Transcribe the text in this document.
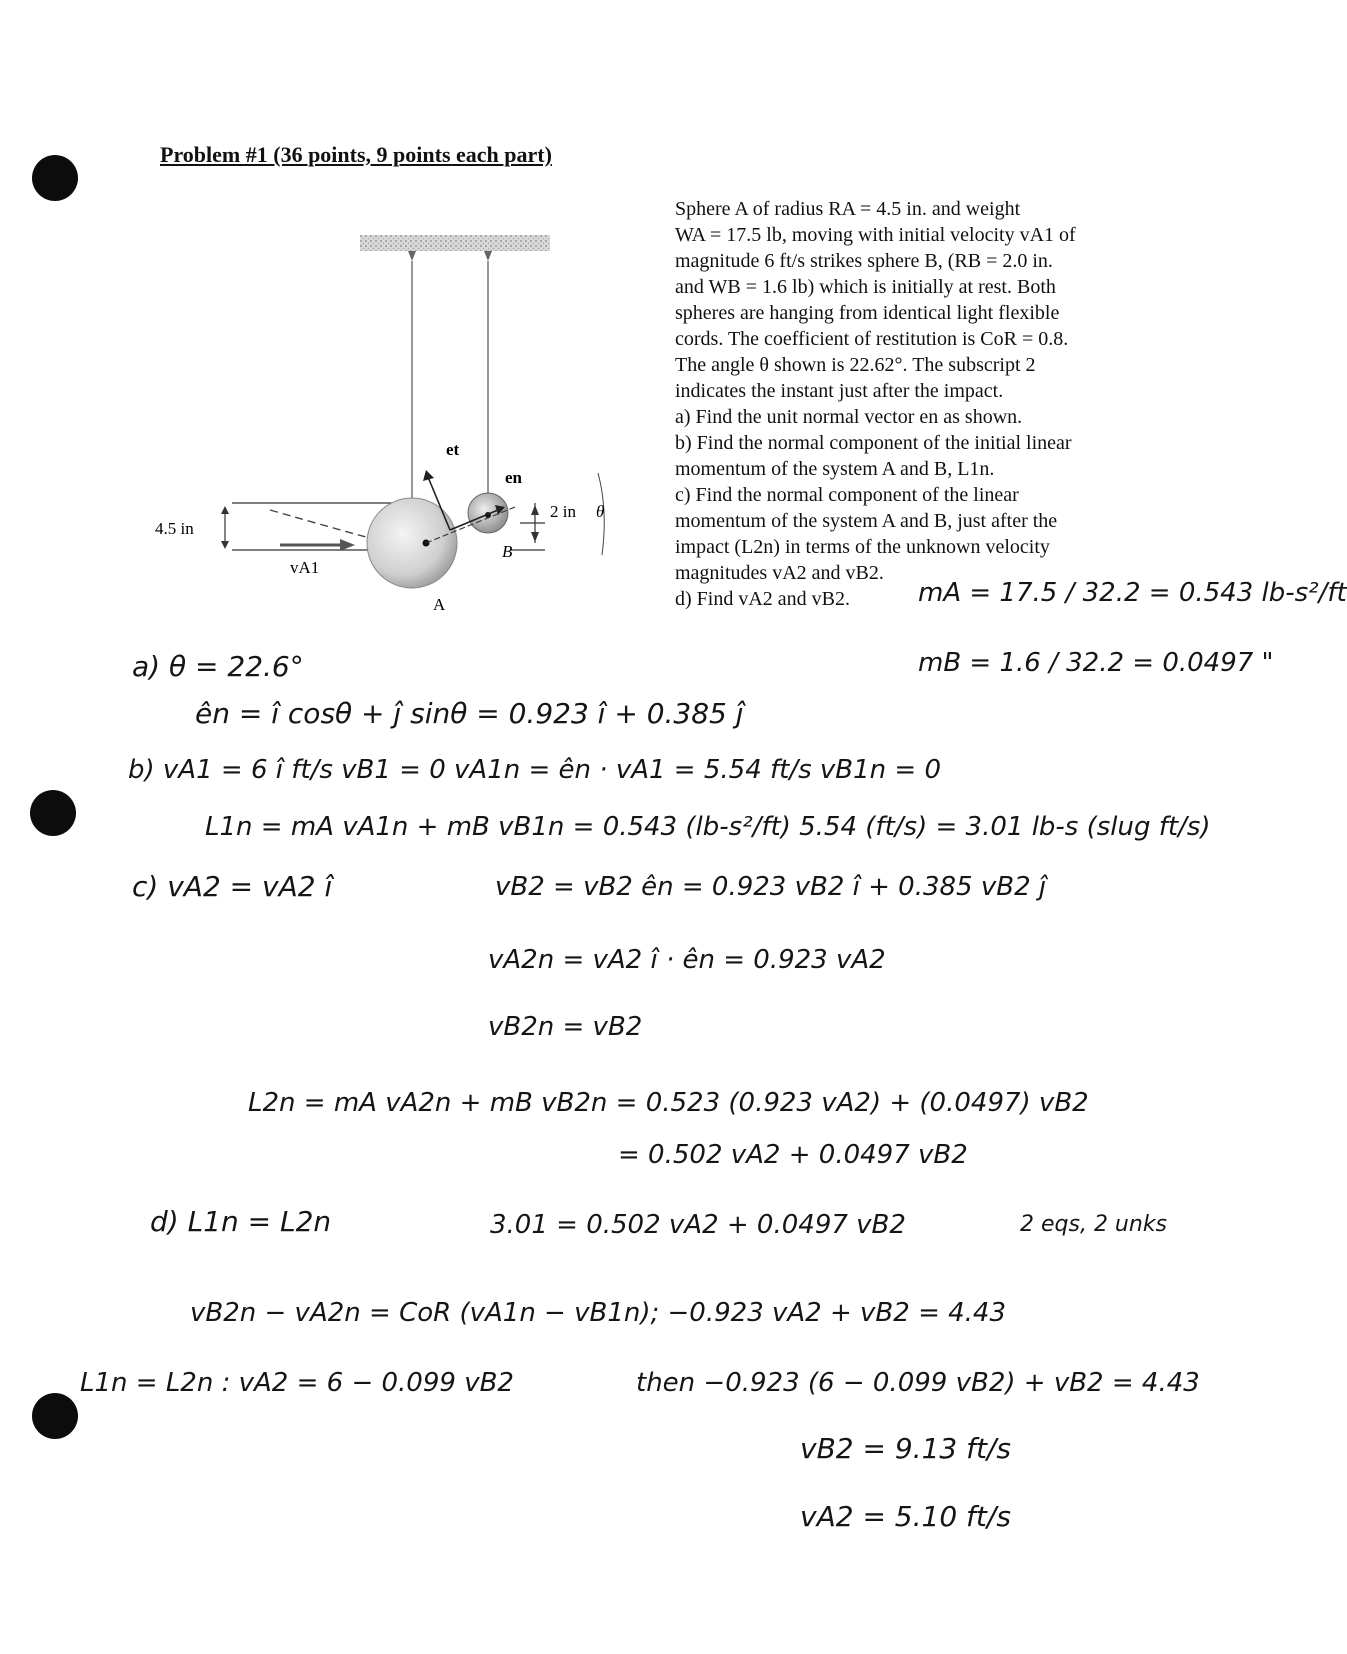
Problem #1 (36 points, 9 points each part)

Sphere A of radius RA = 4.5 in. and weight

WA = 17.5 lb, moving with initial velocity vA1 of

magnitude 6 ft/s strikes sphere B, (RB = 2.0 in.

and WB = 1.6 lb) which is initially at rest. Both

spheres are hanging from identical light flexible

cords. The coefficient of restitution is CoR = 0.8.

The angle θ shown is 22.62°. The subscript 2

indicates the instant just after the impact.

a) Find the unit normal vector en as shown.

b) Find the normal component of the initial linear

momentum of the system A and B, L1n.

c) Find the normal component of the linear

momentum of the system A and B, just after the

impact (L2n) in terms of the unknown velocity

magnitudes vA2 and vB2.

d) Find vA2 and vB2.

et
en
2 in θ
4.5 in
vA1
A
B
mA = 17.5 / 32.2 = 0.543 lb-s²/ft
mB = 1.6 / 32.2 = 0.0497 "
a) θ = 22.6°
ên = î cosθ + ĵ sinθ = 0.923 î + 0.385 ĵ
b) vA1 = 6 î ft/s vB1 = 0 vA1n = ên · vA1 = 5.54 ft/s vB1n = 0
L1n = mA vA1n + mB vB1n = 0.543 (lb-s²/ft) 5.54 (ft/s) = 3.01 lb-s (slug ft/s)
c) vA2 = vA2 î	vB2 = vB2 ên = 0.923 vB2 î + 0.385 vB2 ĵ
vA2n = vA2 î · ên = 0.923 vA2
vB2n = vB2
L2n = mA vA2n + mB vB2n = 0.523 (0.923 vA2) + (0.0497) vB2
= 0.502 vA2 + 0.0497 vB2
d) L1n = L2n	3.01 = 0.502 vA2 + 0.0497 vB2	2 eqs, 2 unks
vB2n − vA2n = CoR (vA1n − vB1n); −0.923 vA2 + vB2 = 4.43
L1n = L2n : vA2 = 6 − 0.099 vB2	then −0.923 (6 − 0.099 vB2) + vB2 = 4.43
vB2 = 9.13 ft/s
vA2 = 5.10 ft/s
